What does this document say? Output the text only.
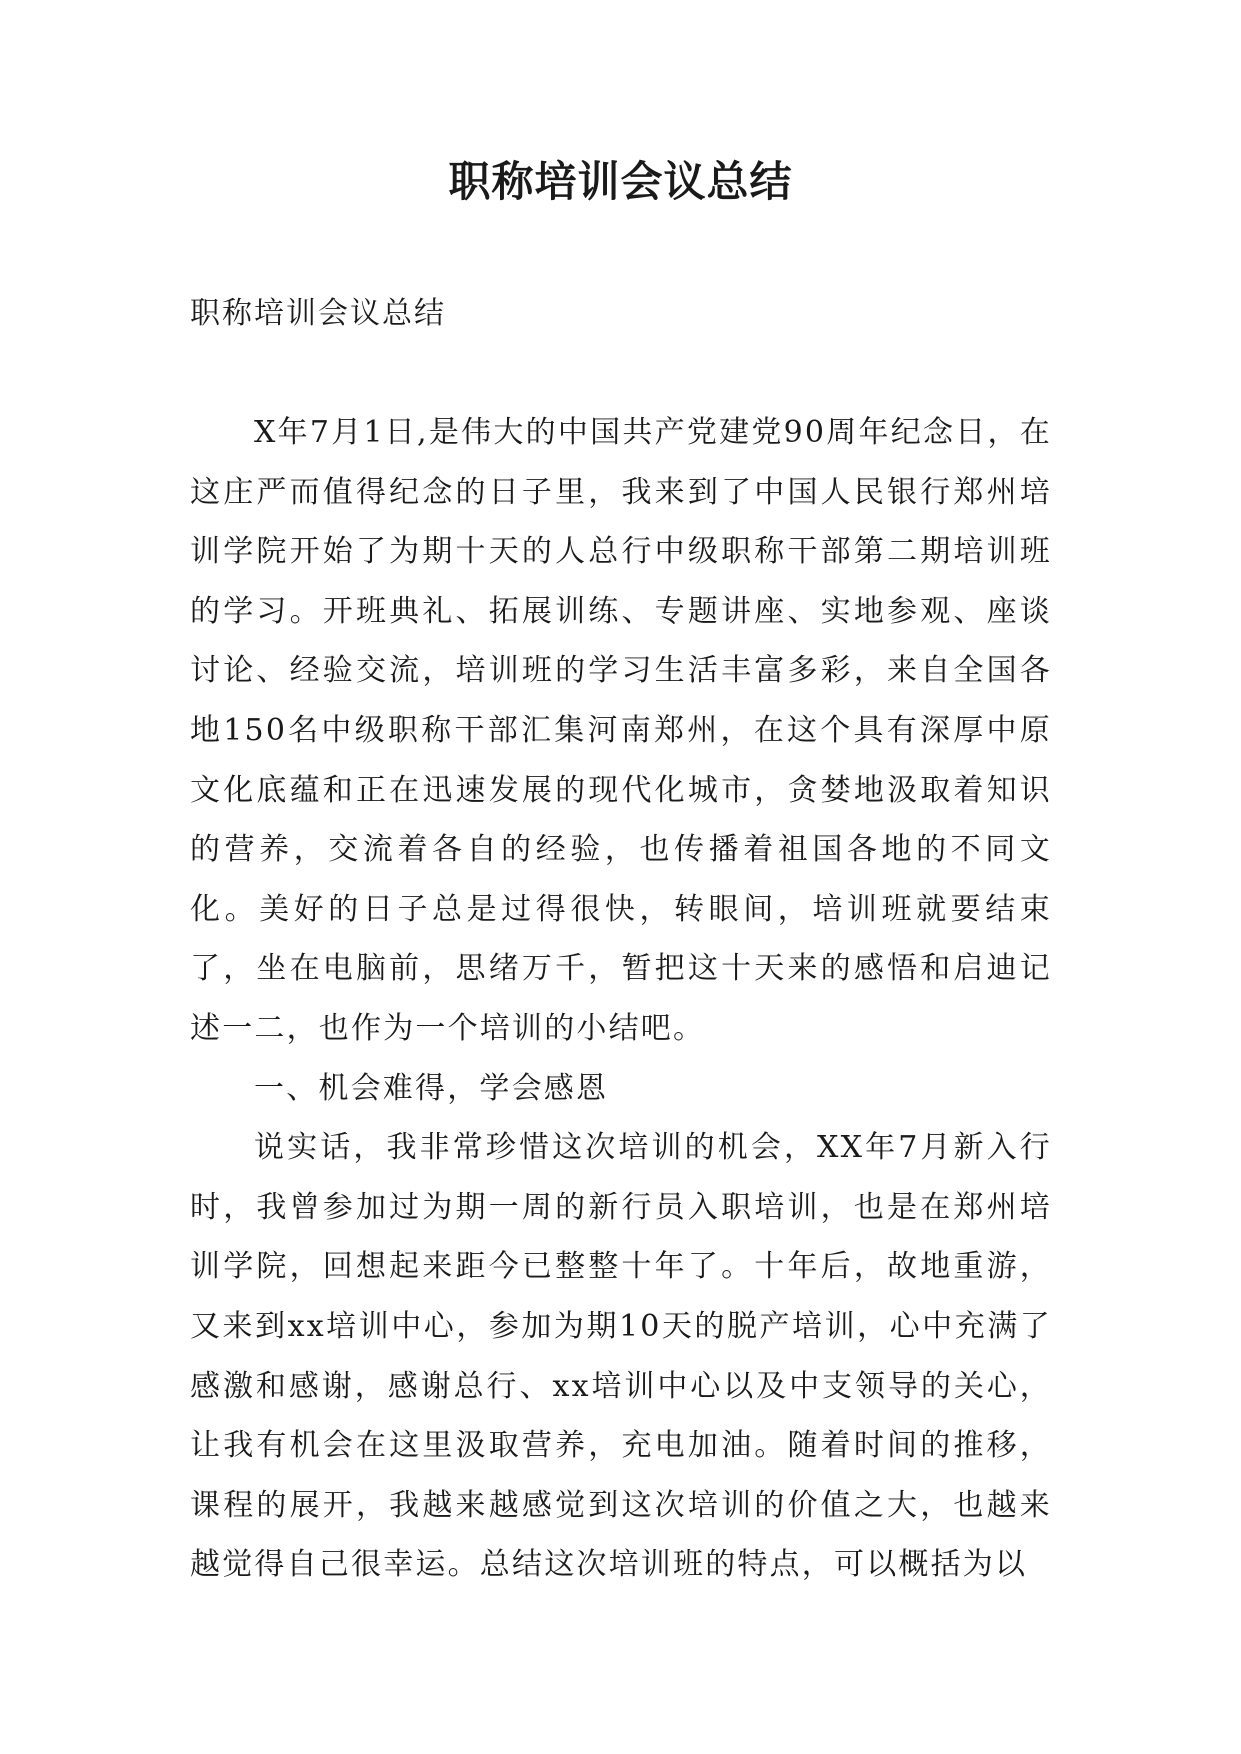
职称培训会议总结
职称培训会议总结

X年7月1日,是伟大的中国共产党建党90周年纪念日，在这庄严而值得纪念的日子里，我来到了中国人民银行郑州培训学院开始了为期十天的人总行中级职称干部第二期培训班的学习。开班典礼、拓展训练、专题讲座、实地参观、座谈讨论、经验交流，培训班的学习生活丰富多彩，来自全国各地150名中级职称干部汇集河南郑州，在这个具有深厚中原文化底蕴和正在迅速发展的现代化城市，贪婪地汲取着知识的营养，交流着各自的经验，也传播着祖国各地的不同文化。美好的日子总是过得很快，转眼间，培训班就要结束了，坐在电脑前，思绪万千，暂把这十天来的感悟和启迪记述一二，也作为一个培训的小结吧。

一、机会难得，学会感恩

说实话，我非常珍惜这次培训的机会，XX年7月新入行时，我曾参加过为期一周的新行员入职培训，也是在郑州培训学院，回想起来距今已整整十年了。十年后，故地重游，又来到xx培训中心，参加为期10天的脱产培训，心中充满了感激和感谢，感谢总行、xx培训中心以及中支领导的关心，让我有机会在这里汲取营养，充电加油。随着时间的推移，课程的展开，我越来越感觉到这次培训的价值之大，也越来越觉得自己很幸运。总结这次培训班的特点，可以概括为以
